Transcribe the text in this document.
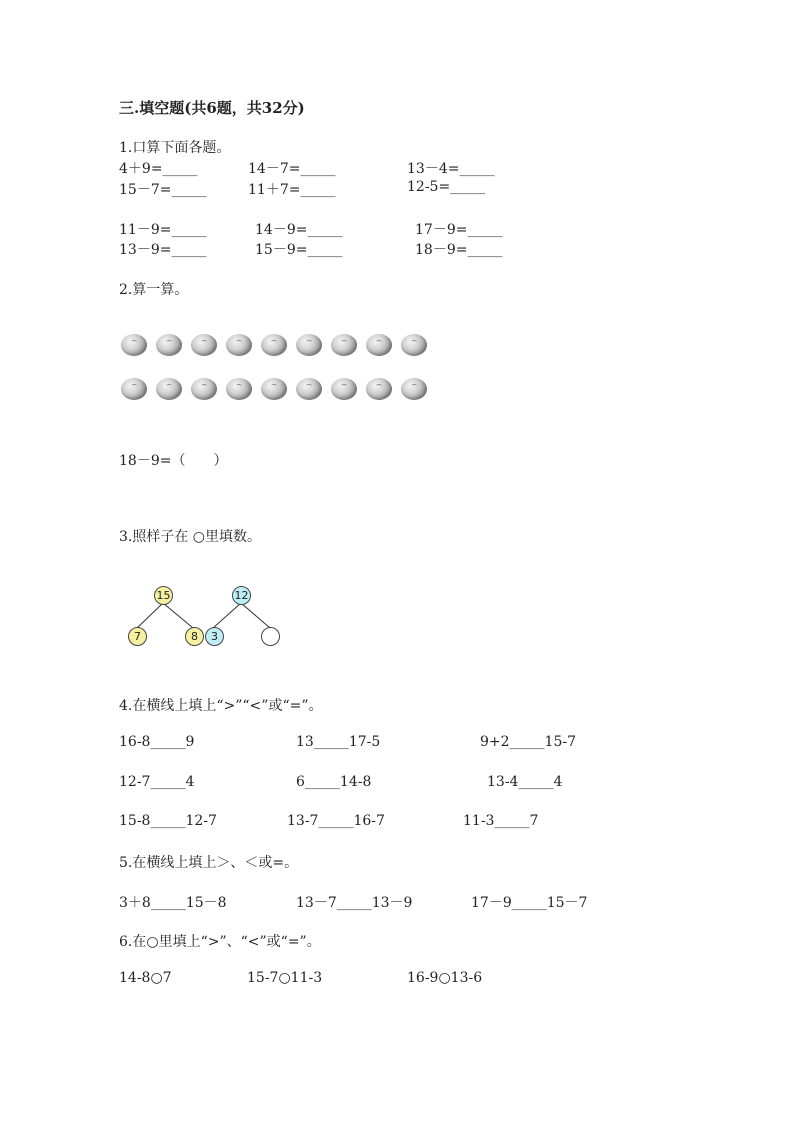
三.填空题(共6题，共32分)
1.口算下面各题。
4＋9=_____	14－7=_____	13－4=_____
15－7=_____	11＋7=_____	12-5=_____
11－9=_____	14－9=_____	17－9=_____
13－9=_____	15－9=_____	18－9=_____
2.算一算。
18－9=（　　）
3.照样子在 ○里填数。
15
7	8
12
3
4.在横线上填上“>”“<”或“=”。
16-8_____9	13_____17-5	9+2_____15-7
12-7_____4	6_____14-8	13-4_____4
15-8_____12-7	13-7_____16-7	11-3_____7
5.在横线上填上＞、＜或=。
3＋8_____15－8	13－7_____13－9	17－9_____15－7
6.在○里填上“>”、“<”或“=”。
14-8○7	15-7○11-3	16-9○13-6
